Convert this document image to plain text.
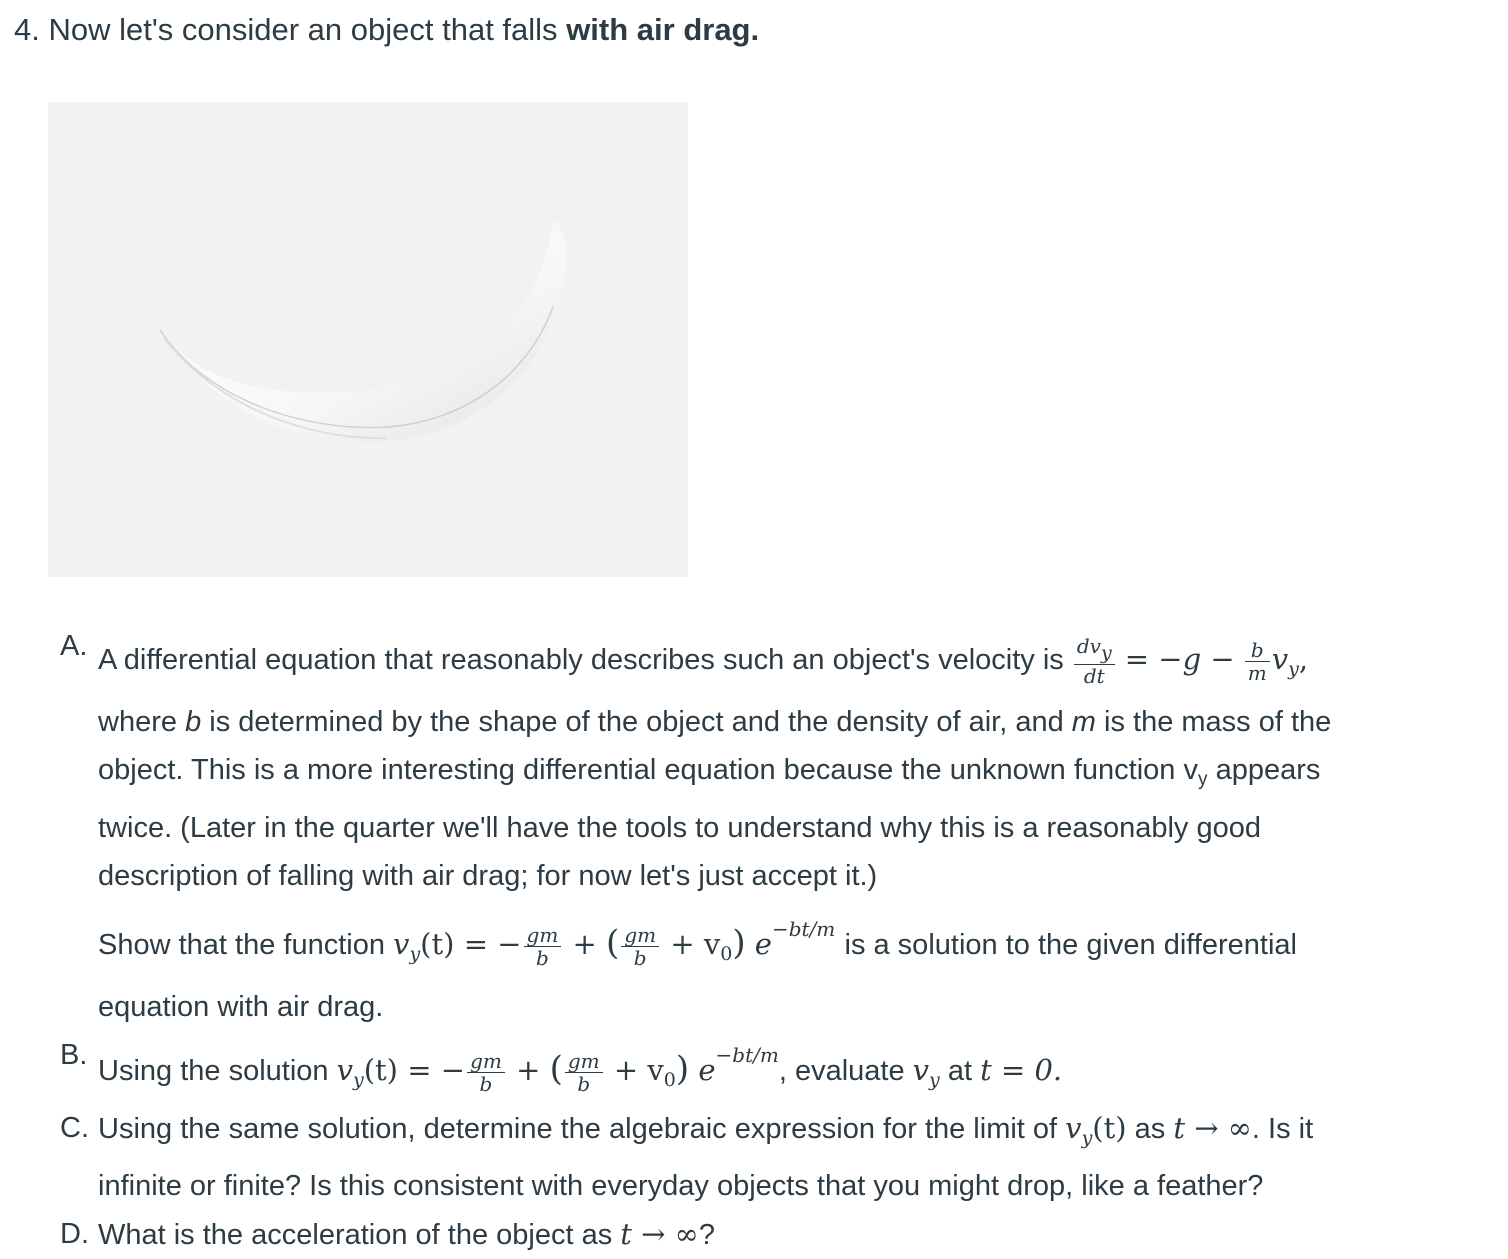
4. Now let's consider an object that falls with air drag.
A. A differential equation that reasonably describes such an object's velocity is $\frac{\text{dvy}}{dt} = -g - \frac{b}{m} v_y$,
where b is determined by the shape of the object and the density of air, and m is the mass of the
object. This is a more interesting differential equation because the unknown function $v_y$ appears
twice. (Later in the quarter we'll have the tools to understand why this is a reasonably good
description of falling with air drag; for now let's just accept it.)
Show that the function $v_y(t)$ = − $\frac{gm}{b}$ + ( $\frac{gm}{b} + v_0$) $e^{-bt/m}$ is a solution to the given differential
equation with air drag.
B. Using the solution $v_y(t)$ = − $\frac{gm}{b}$ + ( $\frac{gm}{b} + v_0$) $e^{-bt/m}$, evaluate $v_y$ at t = 0.
C. Using the same solution, determine the algebraic expression for the limit of $v_y(t)$ as t → ∞. Is it
infinite or finite? Is this consistent with everyday objects that you might drop, like a feather?
D. What is the acceleration of the object as t → ∞?
